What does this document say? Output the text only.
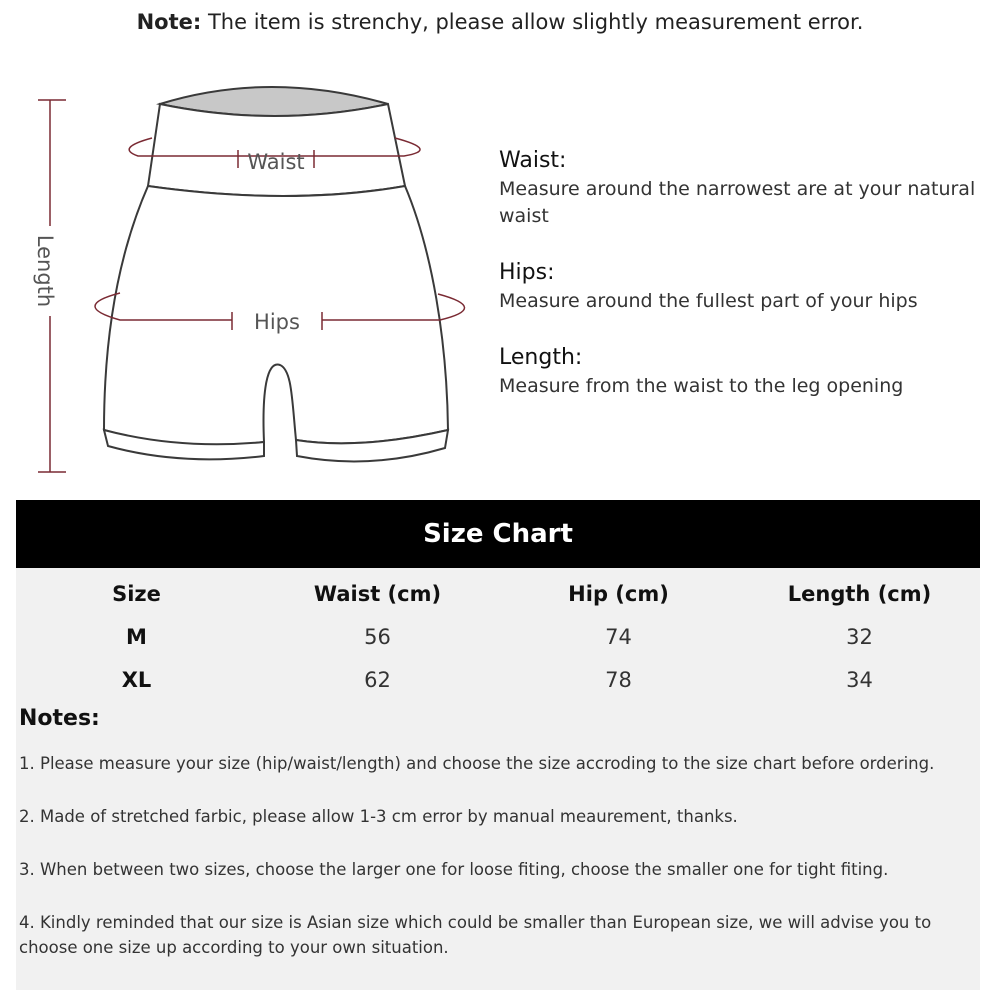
Note: The item is strenchy, please allow slightly measurement error.
Length
Waist
Hips
Waist:
Measure around the narrowest are at your natural waist
Hips:
Measure around the fullest part of your hips
Length:
Measure from the waist to the leg opening
Size Chart
Size	Waist (cm)	Hip (cm)	Length (cm)
M	56	74	32
XL	62	78	34
Notes:
1. Please measure your size (hip/waist/length) and choose the size accroding to the size chart before ordering.
2. Made of stretched farbic, please allow 1-3 cm error by manual meaurement, thanks.
3. When between two sizes, choose the larger one for loose fiting, choose the smaller one for tight fiting.
4. Kindly reminded that our size is Asian size which could be smaller than European size, we will advise you to choose one size up according to your own situation.
